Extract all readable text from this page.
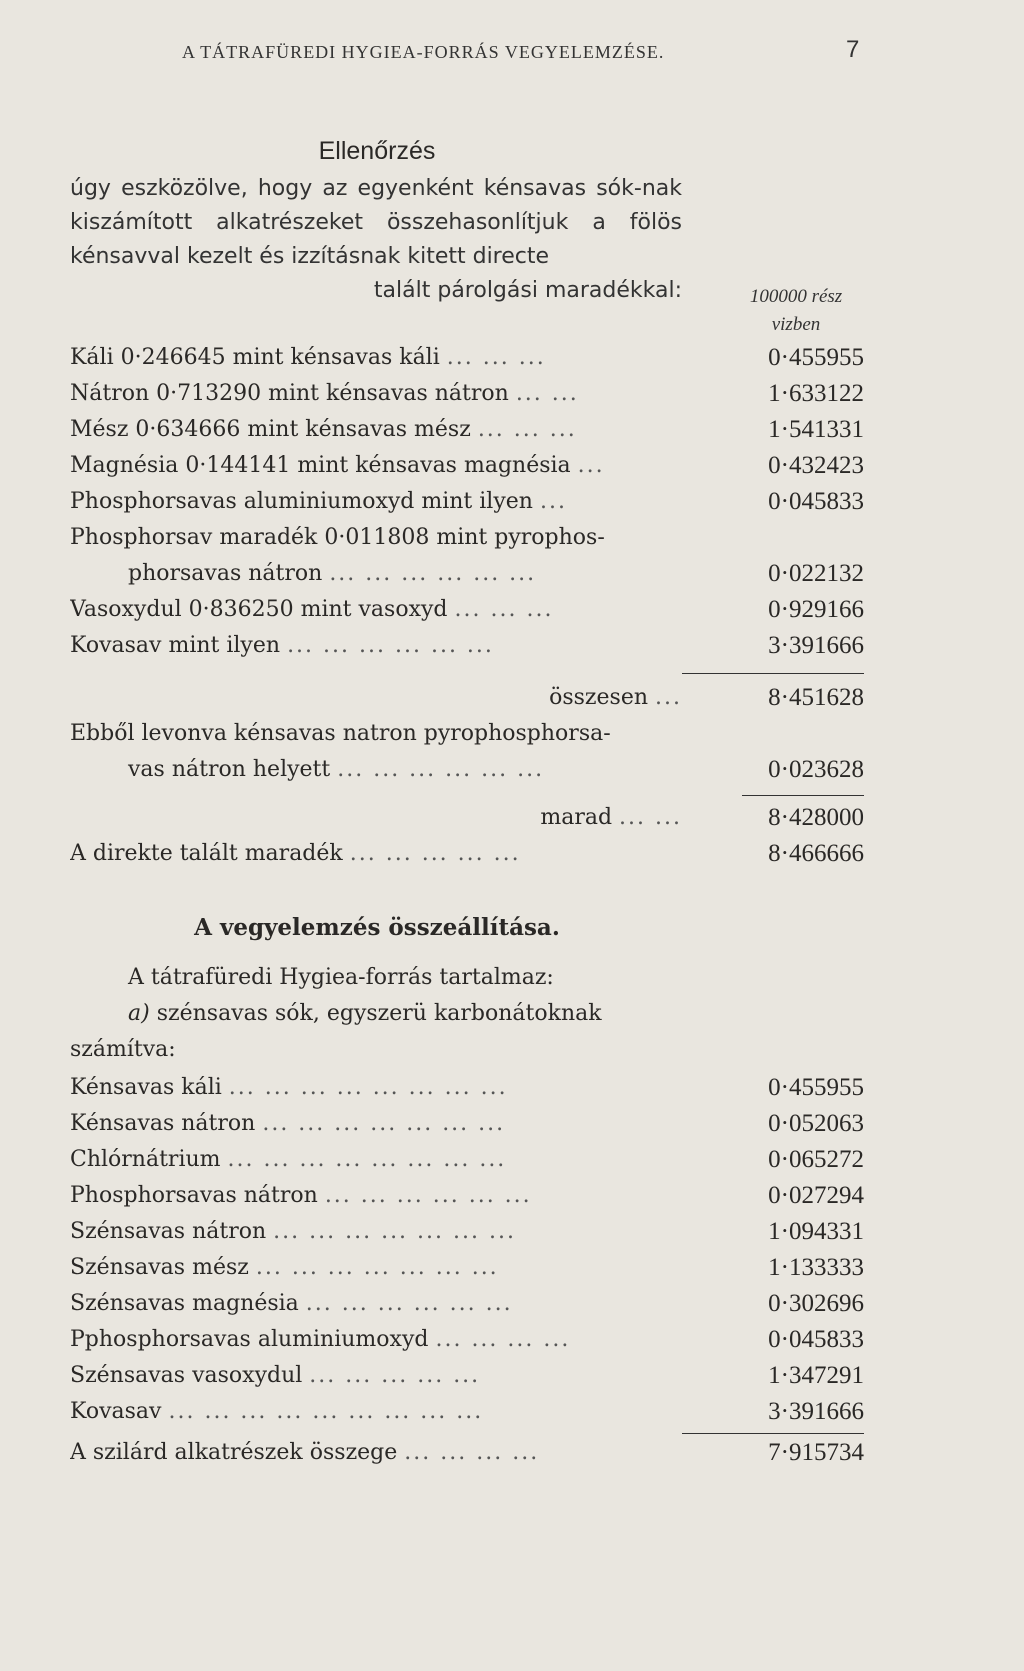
A TÁTRAFÜREDI HYGIEA-FORRÁS VEGYELEMZÉSE.	7
Ellenőrzés
úgy eszközölve, hogy az egyenként kénsavas sók-nak kiszámított alkatrészeket összehasonlítjuk a fölös kénsavval kezelt és izzításnak kitett directe
talált párolgási maradékkal:	100000 rész
vizben
Káli 0·246645 mint kénsavas káli ... ... ...	0·455955
Nátron 0·713290 mint kénsavas nátron ... ...	1·633122
Mész 0·634666 mint kénsavas mész ... ... ...	1·541331
Magnésia 0·144141 mint kénsavas magnésia ...	0·432423
Phosphorsavas aluminiumoxyd mint ilyen ...	0·045833
Phosphorsav maradék 0·011808 mint pyrophos-
phorsavas nátron ... ... ... ... ... ...	0·022132
Vasoxydul 0·836250 mint vasoxyd ... ... ...	0·929166
Kovasav mint ilyen ... ... ... ... ... ...	3·391666
összesen ...	8·451628
Ebből levonva kénsavas natron pyrophosphorsa-
vas nátron helyett ... ... ... ... ... ...	0·023628
marad ... ...	8·428000
A direkte talált maradék ... ... ... ... ...	8·466666
A vegyelemzés összeállítása.
A tátrafüredi Hygiea-forrás tartalmaz:
a) szénsavas sók, egyszerü karbonátoknak
számítva:
Kénsavas káli ... ... ... ... ... ... ... ...	0·455955
Kénsavas nátron ... ... ... ... ... ... ...	0·052063
Chlórnátrium ... ... ... ... ... ... ... ...	0·065272
Phosphorsavas nátron ... ... ... ... ... ...	0·027294
Szénsavas nátron ... ... ... ... ... ... ...	1·094331
Szénsavas mész ... ... ... ... ... ... ...	1·133333
Szénsavas magnésia ... ... ... ... ... ...	0·302696
Pphosphorsavas aluminiumoxyd ... ... ... ...	0·045833
Szénsavas vasoxydul ... ... ... ... ...	1·347291
Kovasav ... ... ... ... ... ... ... ... ...	3·391666
A szilárd alkatrészek összege ... ... ... ...	7·915734
